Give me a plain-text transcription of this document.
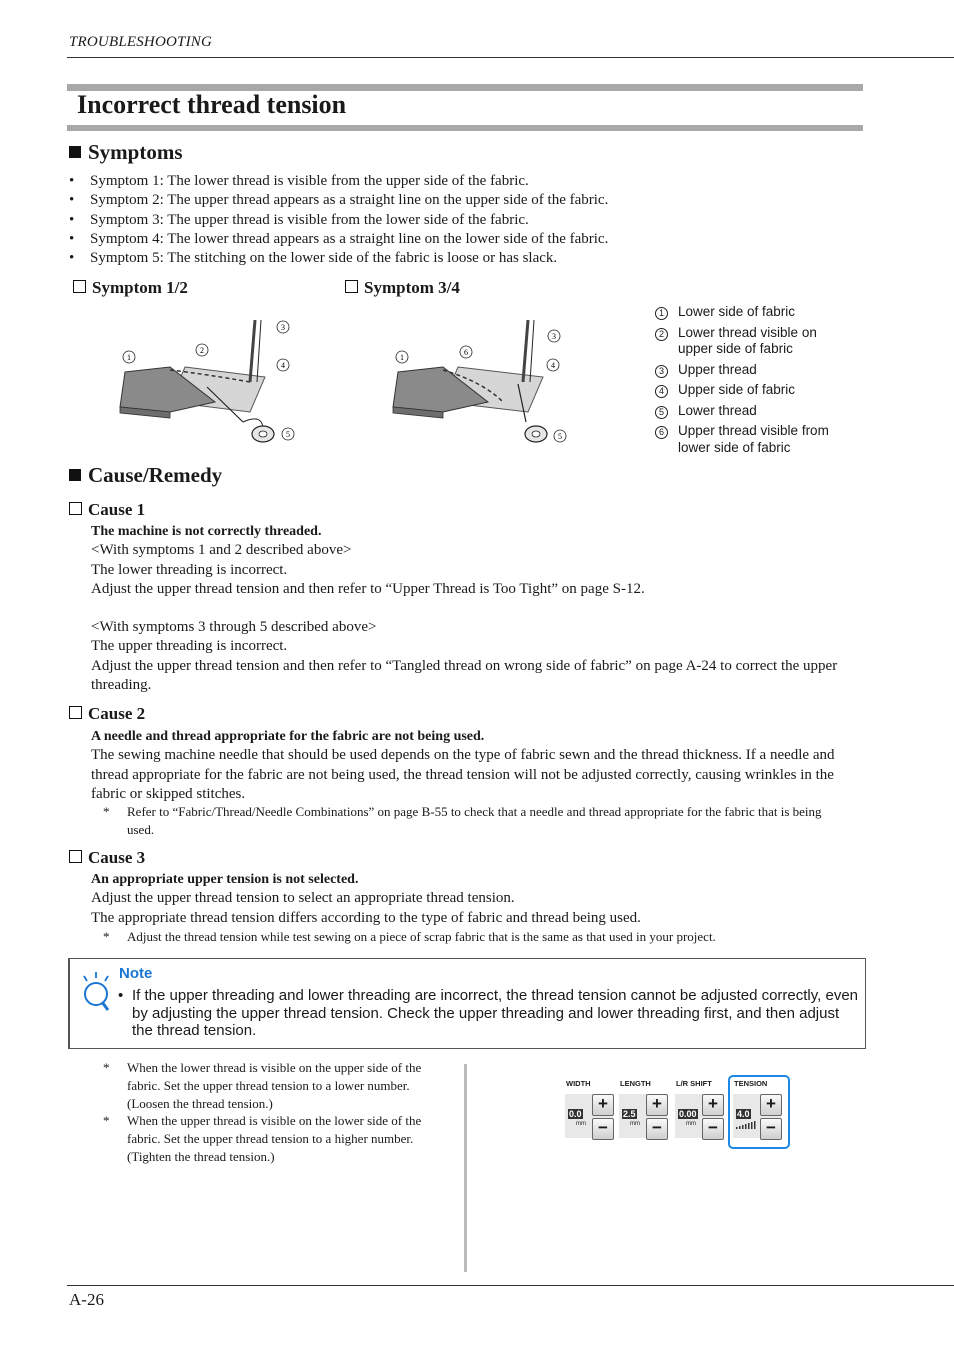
TROUBLESHOOTING
Incorrect thread tension
Symptoms
• Symptom 1: The lower thread is visible from the upper side of the fabric.
• Symptom 2: The upper thread appears as a straight line on the upper side of the fabric.
• Symptom 3: The upper thread is visible from the lower side of the fabric.
• Symptom 4: The lower thread appears as a straight line on the lower side of the fabric.
• Symptom 5: The stitching on the lower side of the fabric is loose or has slack.
Symptom 1/2	Symptom 3/4
1
2
3
4
5
1
6
3
4
5
1	Lower side of fabric
2	Lower thread visible on upper side of fabric
3	Upper thread
4	Upper side of fabric
5	Lower thread
6	Upper thread visible from lower side of fabric
Cause/Remedy
Cause 1
The machine is not correctly threaded.
<With symptoms 1 and 2 described above>
The lower threading is incorrect.
Adjust the upper thread tension and then refer to “Upper Thread is Too Tight” on page S-12.
<With symptoms 3 through 5 described above>
The upper threading is incorrect.
Adjust the upper thread tension and then refer to “Tangled thread on wrong side of fabric” on page A-24 to correct the upper threading.
Cause 2
A needle and thread appropriate for the fabric are not being used.
The sewing machine needle that should be used depends on the type of fabric sewn and the thread thickness. If a needle and thread appropriate for the fabric are not being used, the thread tension will not be adjusted correctly, causing wrinkles in the fabric or skipped stitches.
*	Refer to “Fabric/Thread/Needle Combinations” on page B-55 to check that a needle and thread appropriate for the fabric that is being used.
Cause 3
An appropriate upper tension is not selected.
Adjust the upper thread tension to select an appropriate thread tension.
The appropriate thread tension differs according to the type of fabric and thread being used.
*	Adjust the thread tension while test sewing on a piece of scrap fabric that is the same as that used in your project.
Note
• If the upper threading and lower threading are incorrect, the thread tension cannot be adjusted correctly, even by adjusting the upper thread tension. Check the upper threading and lower threading first, and then adjust the thread tension.
*	When the lower thread is visible on the upper side of the fabric. Set the upper thread tension to a lower number. (Loosen the thread tension.)
*	When the upper thread is visible on the lower side of the fabric. Set the upper thread tension to a higher number. (Tighten the thread tension.)
WIDTH
0.0
mm
+
−
LENGTH
2.5
mm
+
−
L/R SHIFT
0.00
mm
+
−
TENSION
4.0
+
−
A-26
